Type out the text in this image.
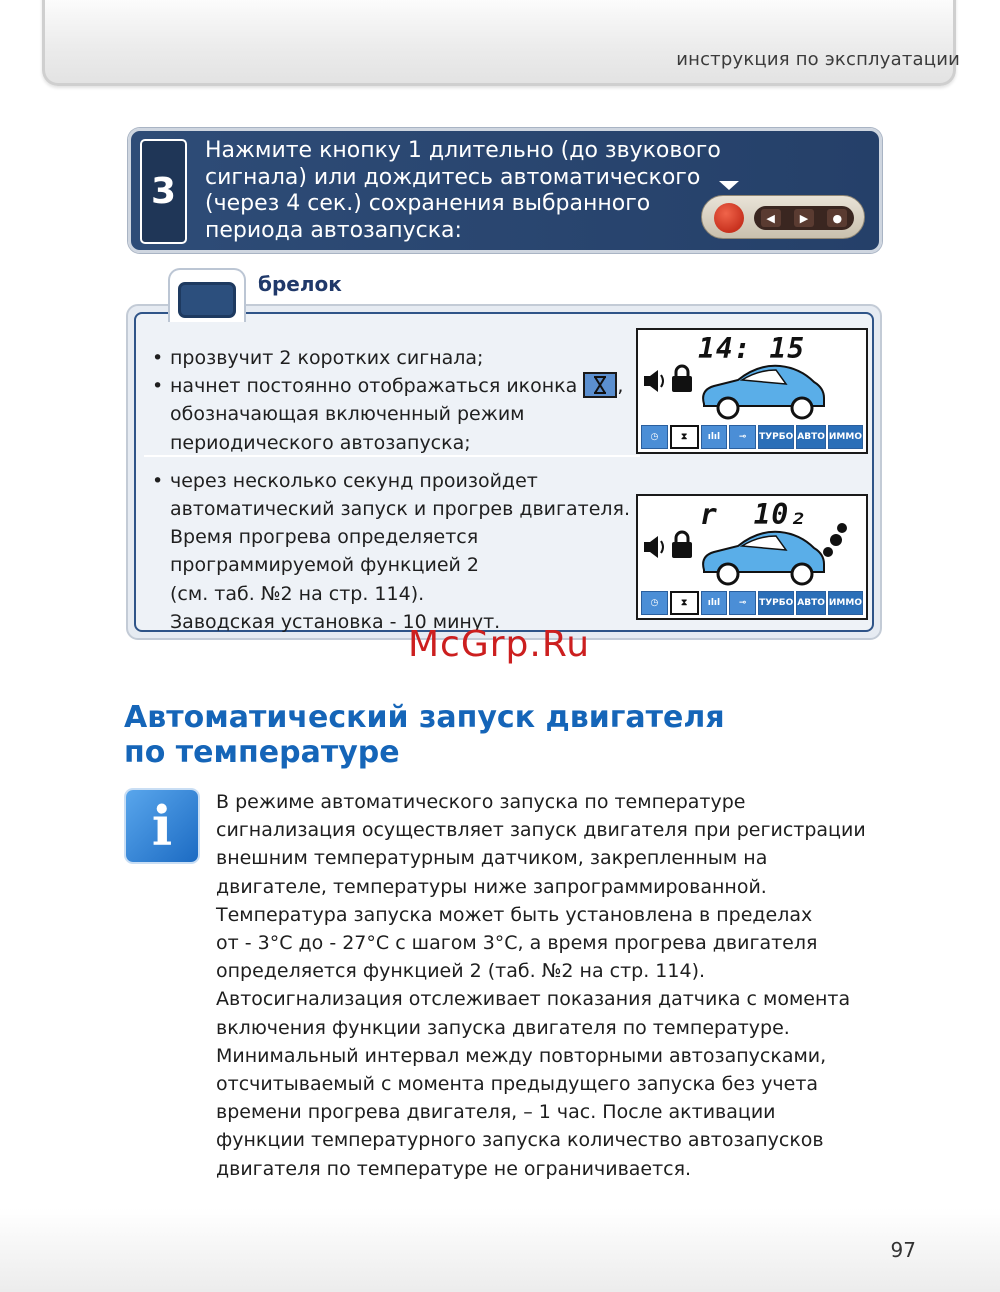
инструкция по эксплуатации
3
Нажмите кнопку 1 длительно (до звукового
сигнала) или дождитесь автоматического
(через 4 сек.) сохранения выбранного
периода автозапуска:	◀	▶	●
брелок
• прозвучит 2 коротких сигнала;
• начнет постоянно отображаться иконка ,
обозначающая включенный режим
периодического автозапуска;
• через несколько секунд произойдет
автоматический запуск и прогрев двигателя.
Время прогрева определяется
программируемой функцией 2
(см. таб. №2 на стр. 114).
Заводская установка - 10 минут.
14: 15
◷	⧗	ılıl	⊸	ТУРБО АВТО ИММО
r  10₂
◷	⧗	ılıl	⊸	ТУРБО АВТО ИММО
McGrp.Ru
Автоматический запуск двигателя
по температуре
i	В режиме автоматического запуска по температуре
сигнализация осуществляет запуск двигателя при регистрации
внешним температурным датчиком, закрепленным на
двигателе, температуры ниже запрограммированной.
Температура запуска может быть установлена в пределах
от - 3°С до - 27°С с шагом 3°С, а время прогрева двигателя
определяется функцией 2 (таб. №2 на стр. 114).
Автосигнализация отслеживает показания датчика с момента
включения функции запуска двигателя по температуре.
Минимальный интервал между повторными автозапусками,
отсчитываемый с момента предыдущего запуска без учета
времени прогрева двигателя, – 1 час. После активации
функции температурного запуска количество автозапусков
двигателя по температуре не ограничивается.
97
